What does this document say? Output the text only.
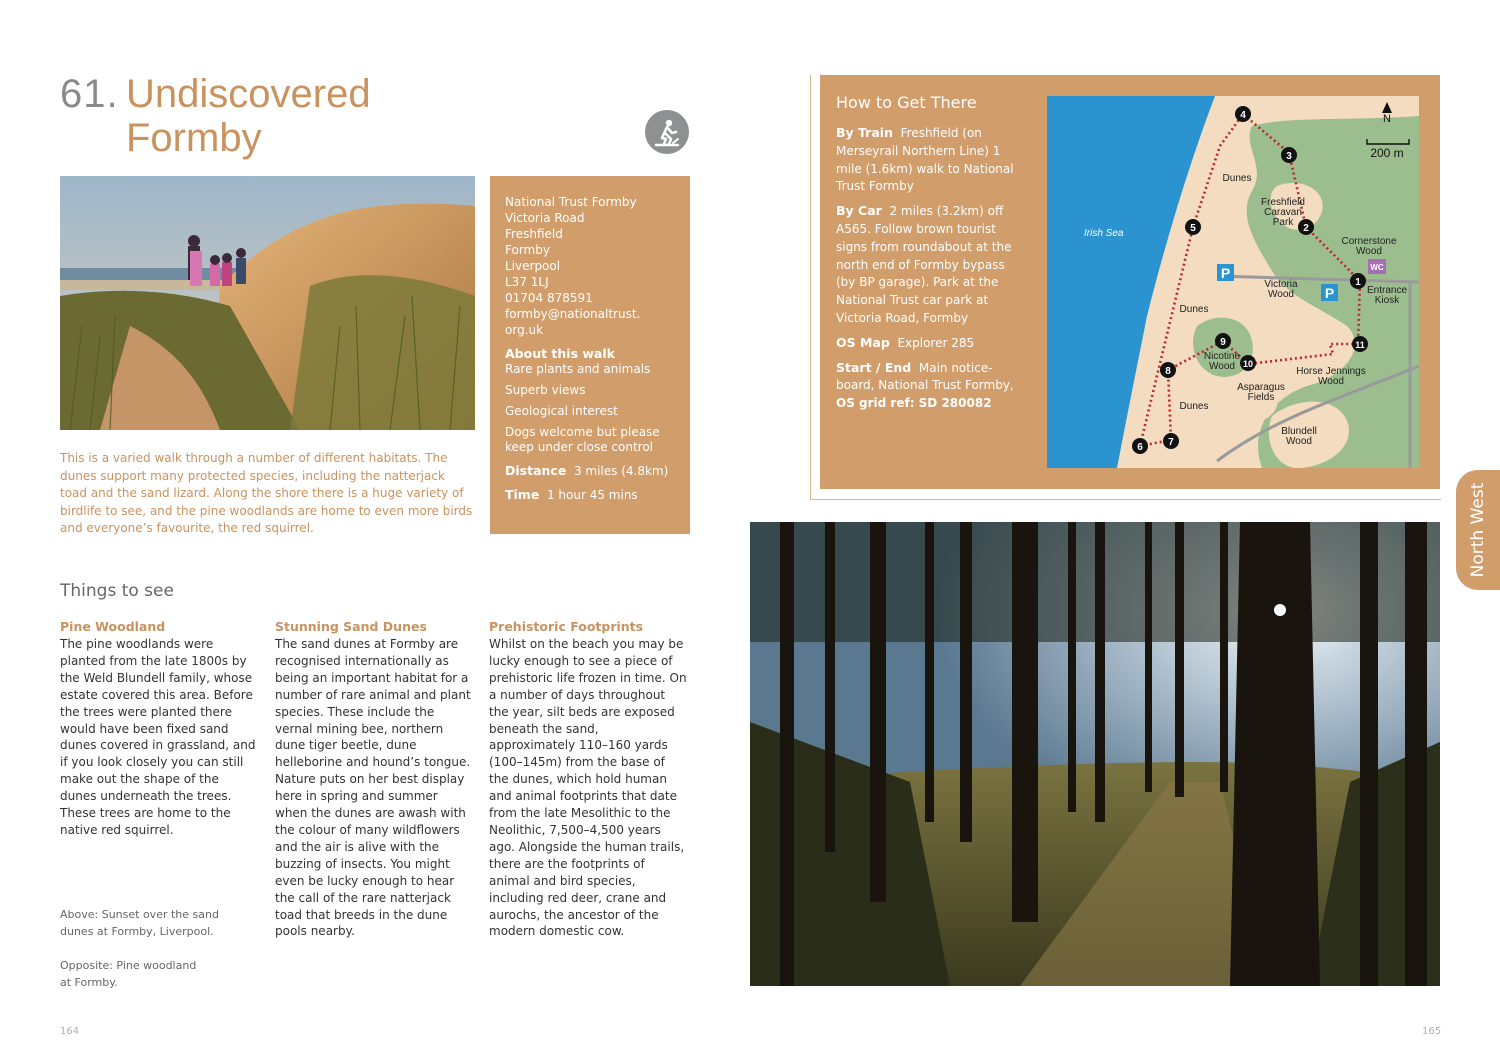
61. Undiscovered
Formby
National Trust Formby
Victoria Road
Freshfield
Formby
Liverpool
L37 1LJ
01704 878591
formby@nationaltrust.
org.uk
About this walk
Rare plants and animals
Superb views
Geological interest
Dogs welcome but please keep under close control
Distance 3 miles (4.8km)
Time 1 hour 45 mins
This is a varied walk through a number of different habitats. The dunes support many protected species, including the natterjack toad and the sand lizard. Along the shore there is a huge variety of birdlife to see, and the pine woodlands are home to even more birds and everyone’s favourite, the red squirrel.
Things to see
Pine Woodland
The pine woodlands were planted from the late 1800s by the Weld Blundell family, whose estate covered this area. Before the trees were planted there would have been fixed sand dunes covered in grassland, and if you look closely you can still make out the shape of the dunes underneath the trees. These trees are home to the native red squirrel.
Stunning Sand Dunes
The sand dunes at Formby are recognised internationally as being an important habitat for a number of rare animal and plant species. These include the vernal mining bee, northern dune tiger beetle, dune helleborine and hound’s tongue. Nature puts on her best display here in spring and summer when the dunes are awash with the colour of many wildflowers and the air is alive with the buzzing of insects. You might even be lucky enough to hear the call of the rare natterjack toad that breeds in the dune pools nearby.
Prehistoric Footprints
Whilst on the beach you may be lucky enough to see a piece of prehistoric life frozen in time. On a number of days throughout the year, silt beds are exposed beneath the sand, approximately 110–160 yards (100–145m) from the base of the dunes, which hold human and animal footprints that date from the late Mesolithic to the Neolithic, 7,500–4,500 years ago. Alongside the human trails, there are the footprints of animal and bird species, including red deer, crane and aurochs, the ancestor of the modern domestic cow.
Above: Sunset over the sand dunes at Formby, Liverpool.
Opposite: Pine woodland at Formby.
164	165
How to Get There

By Train Freshfield (on Merseyrail Northern Line) 1 mile (1.6km) walk to National Trust Formby

By Car 2 miles (3.2km) off A565. Follow brown tourist signs from roundabout at the north end of Formby bypass (by BP garage). Park at the National Trust car park at Victoria Road, Formby

OS Map Explorer 285

Start / End Main notice-board, National Trust Formby,

OS grid ref: SD 280082
Irish Sea
Dunes
Dunes
Dunes
Freshfield
Caravan
Park
Cornerstone
Wood
Victoria
Wood	Entrance
Kiosk
Nicotine
Wood
Asparagus
Fields
Horse Jennings
Wood
Blundell
Wood
P
P
WC
N
200 m
1
2
3
4
5
6	7
8
9
10
11
North West
